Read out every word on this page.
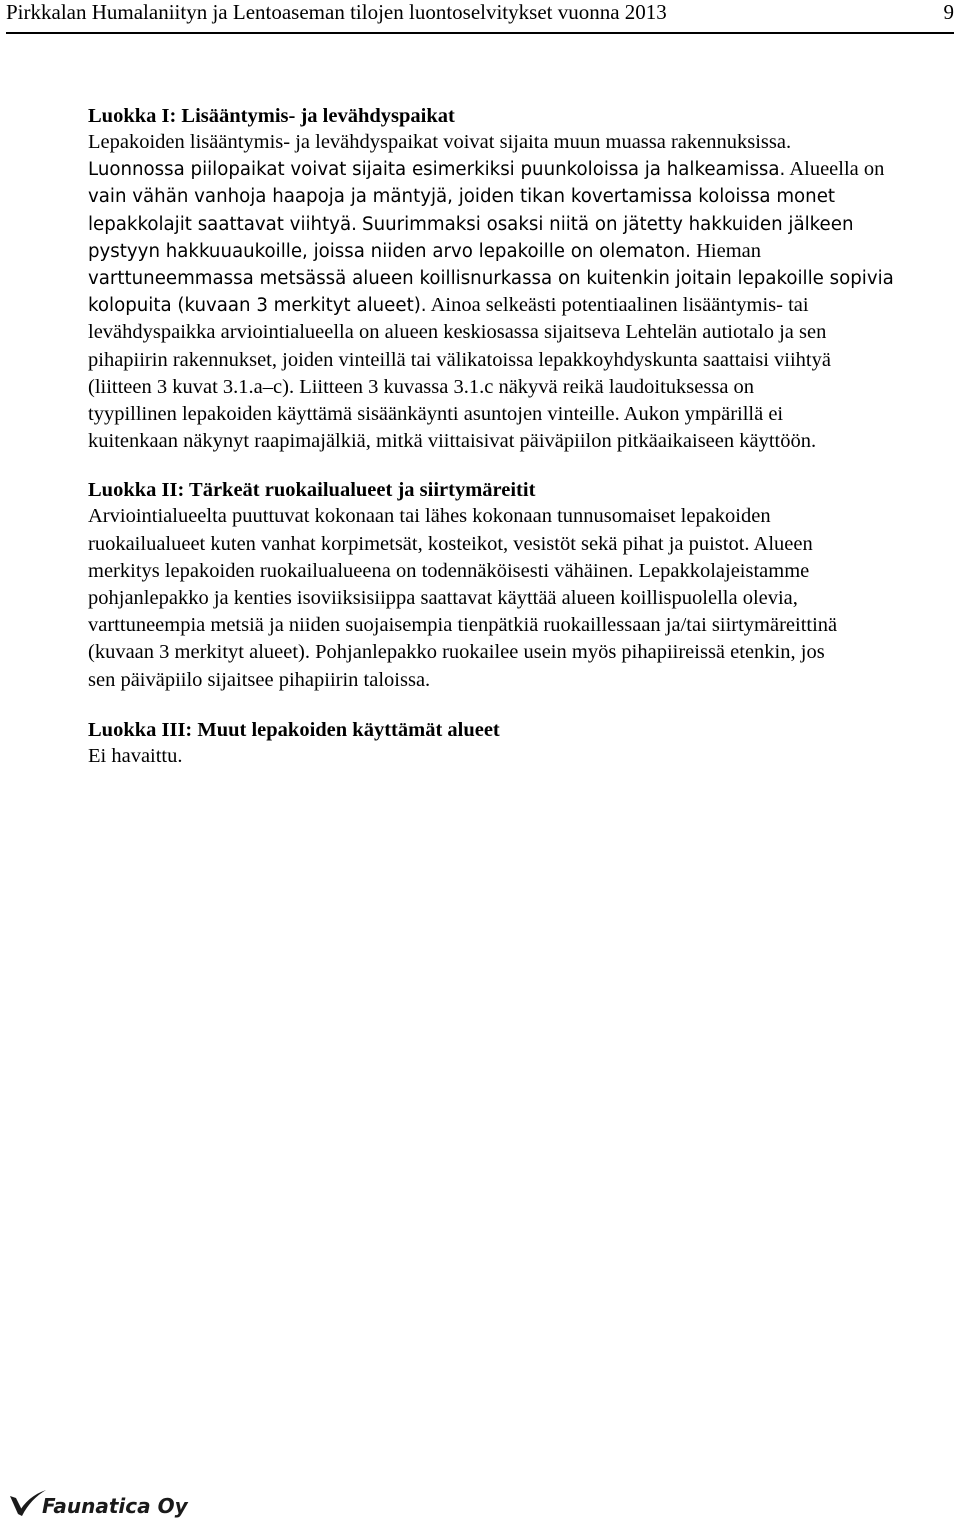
Pirkkalan Humalaniityn ja Lentoaseman tilojen luontoselvitykset vuonna 2013	9
Luokka I: Lisääntymis- ja levähdyspaikat

Lepakoiden lisääntymis- ja levähdyspaikat voivat sijaita muun muassa rakennuksissa.
Luonnossa piilopaikat voivat sijaita esimerkiksi puunkoloissa ja halkeamissa. Alueella on
vain vähän vanhoja haapoja ja mäntyjä, joiden tikan kovertamissa koloissa monet
lepakkolajit saattavat viihtyä. Suurimmaksi osaksi niitä on jätetty hakkuiden jälkeen
pystyyn hakkuuaukoille, joissa niiden arvo lepakoille on olematon. Hieman
varttuneemmassa metsässä alueen koillisnurkassa on kuitenkin joitain lepakoille sopivia
kolopuita (kuvaan 3 merkityt alueet). Ainoa selkeästi potentiaalinen lisääntymis- tai
levähdyspaikka arviointialueella on alueen keskiosassa sijaitseva Lehtelän autiotalo ja sen
pihapiirin rakennukset, joiden vinteillä tai välikatoissa lepakkoyhdyskunta saattaisi viihtyä
(liitteen 3 kuvat 3.1.a–c). Liitteen 3 kuvassa 3.1.c näkyvä reikä laudoituksessa on
tyypillinen lepakoiden käyttämä sisäänkäynti asuntojen vinteille. Aukon ympärillä ei
kuitenkaan näkynyt raapimajälkiä, mitkä viittaisivat päiväpiilon pitkäaikaiseen käyttöön.

Luokka II: Tärkeät ruokailualueet ja siirtymäreitit

Arviointialueelta puuttuvat kokonaan tai lähes kokonaan tunnusomaiset lepakoiden
ruokailualueet kuten vanhat korpimetsät, kosteikot, vesistöt sekä pihat ja puistot. Alueen
merkitys lepakoiden ruokailualueena on todennäköisesti vähäinen. Lepakkolajeistamme
pohjanlepakko ja kenties isoviiksisiippa saattavat käyttää alueen koillispuolella olevia,
varttuneempia metsiä ja niiden suojaisempia tienpätkiä ruokaillessaan ja/tai siirtymäreittinä
(kuvaan 3 merkityt alueet). Pohjanlepakko ruokailee usein myös pihapiireissä etenkin, jos
sen päiväpiilo sijaitsee pihapiirin taloissa.

Luokka III: Muut lepakoiden käyttämät alueet

Ei havaittu.

Faunatica Oy
